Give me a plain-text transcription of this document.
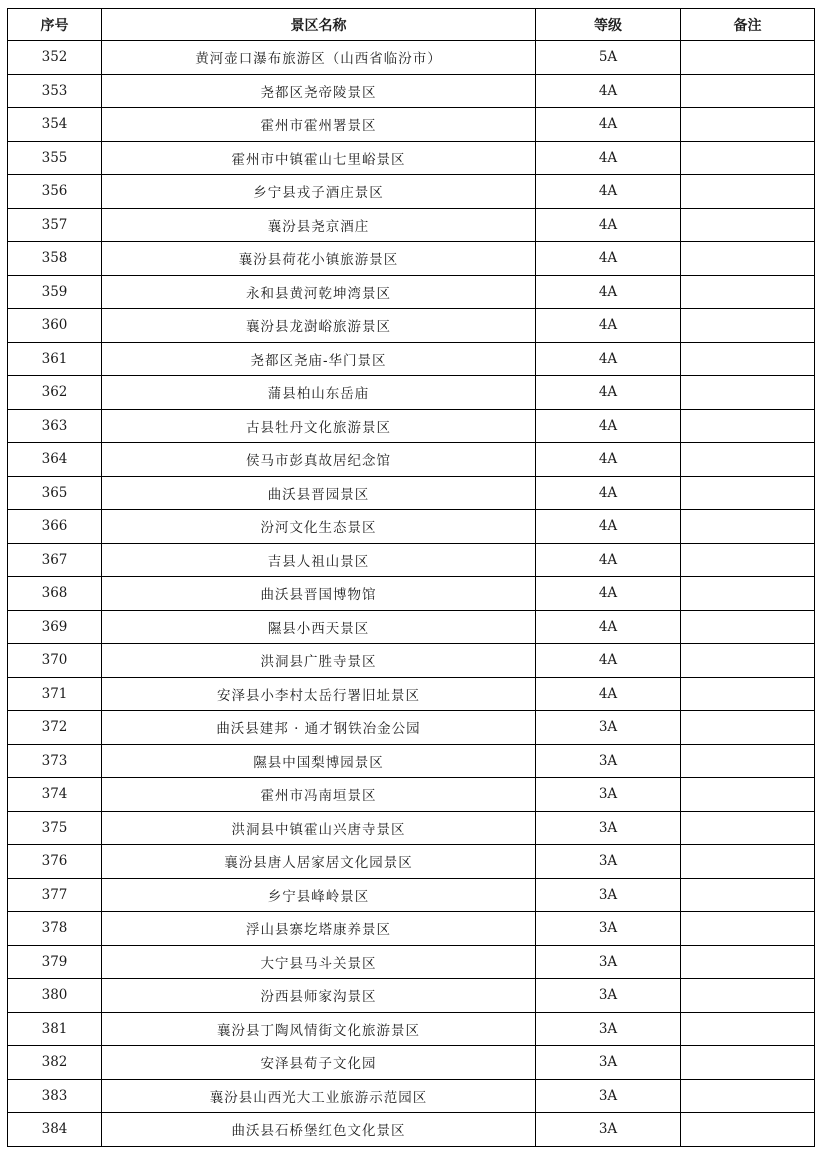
序号	景区名称	等级	备注
352	黄河壶口瀑布旅游区（山西省临汾市）	5A	
353	尧都区尧帝陵景区	4A	
354	霍州市霍州署景区	4A	
355	霍州市中镇霍山七里峪景区	4A	
356	乡宁县戎子酒庄景区	4A	
357	襄汾县尧京酒庄	4A	
358	襄汾县荷花小镇旅游景区	4A	
359	永和县黄河乾坤湾景区	4A	
360	襄汾县龙澍峪旅游景区	4A	
361	尧都区尧庙-华门景区	4A	
362	蒲县柏山东岳庙	4A	
363	古县牡丹文化旅游景区	4A	
364	侯马市彭真故居纪念馆	4A	
365	曲沃县晋园景区	4A	
366	汾河文化生态景区	4A	
367	吉县人祖山景区	4A	
368	曲沃县晋国博物馆	4A	
369	隰县小西天景区	4A	
370	洪洞县广胜寺景区	4A	
371	安泽县小李村太岳行署旧址景区	4A	
372	曲沃县建邦 · 通才钢铁冶金公园	3A	
373	隰县中国梨博园景区	3A	
374	霍州市冯南垣景区	3A	
375	洪洞县中镇霍山兴唐寺景区	3A	
376	襄汾县唐人居家居文化园景区	3A	
377	乡宁县峰岭景区	3A	
378	浮山县寨圪塔康养景区	3A	
379	大宁县马斗关景区	3A	
380	汾西县师家沟景区	3A	
381	襄汾县丁陶风情街文化旅游景区	3A	
382	安泽县荀子文化园	3A	
383	襄汾县山西光大工业旅游示范园区	3A	
384	曲沃县石桥堡红色文化景区	3A	
